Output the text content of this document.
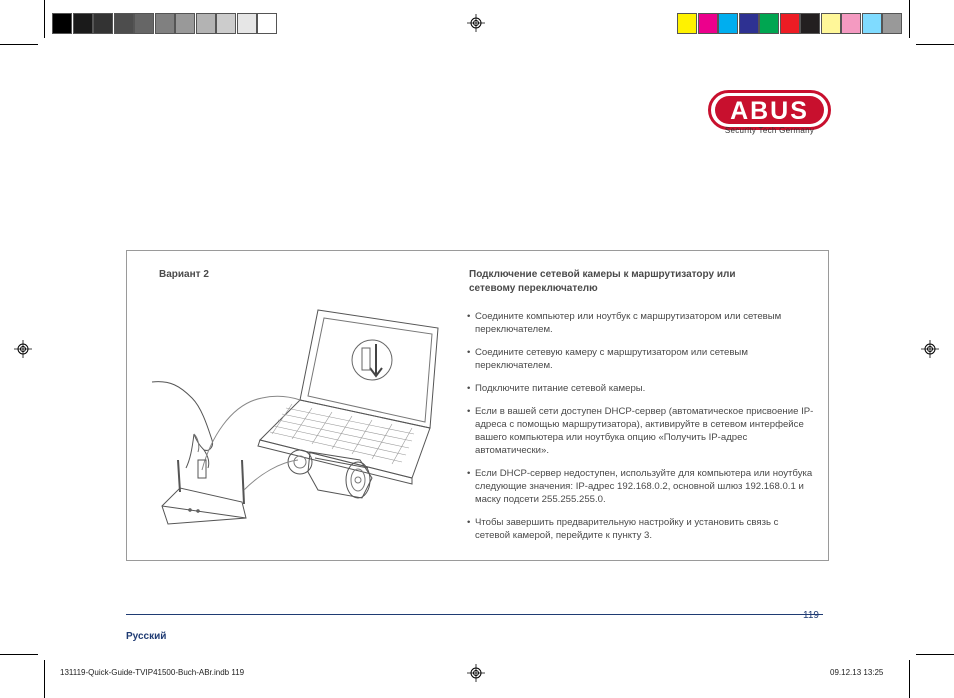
ABUS
Security Tech Germany
Вариант 2	Подключение сетевой камеры к маршрутизатору или сетевому переключателю
• Соедините компьютер или ноутбук с маршрутизатором или сетевым переключателем.
• Соедините сетевую камеру с маршрутизатором или сетевым переключателем.
• Подключите питание сетевой камеры.
• Если в вашей сети доступен DHCP-сервер (автоматическое присвоение IP-адреса с помощью маршрутизатора), активируйте в сетевом интерфейсе вашего компьютера или ноутбука опцию «Получить IP-адрес автоматически».
• Если DHCP-сервер недоступен, используйте для компьютера или ноутбука следующие значения: IP-адрес 192.168.0.2, основной шлюз 192.168.0.1 и маску подсети 255.255.255.0.
• Чтобы завершить предварительную настройку и установить связь с сетевой камерой, перейдите к пункту 3.
119
Русский
131119-Quick-Guide-TVIP41500-Buch-ABr.indb 119	09.12.13 13:25
